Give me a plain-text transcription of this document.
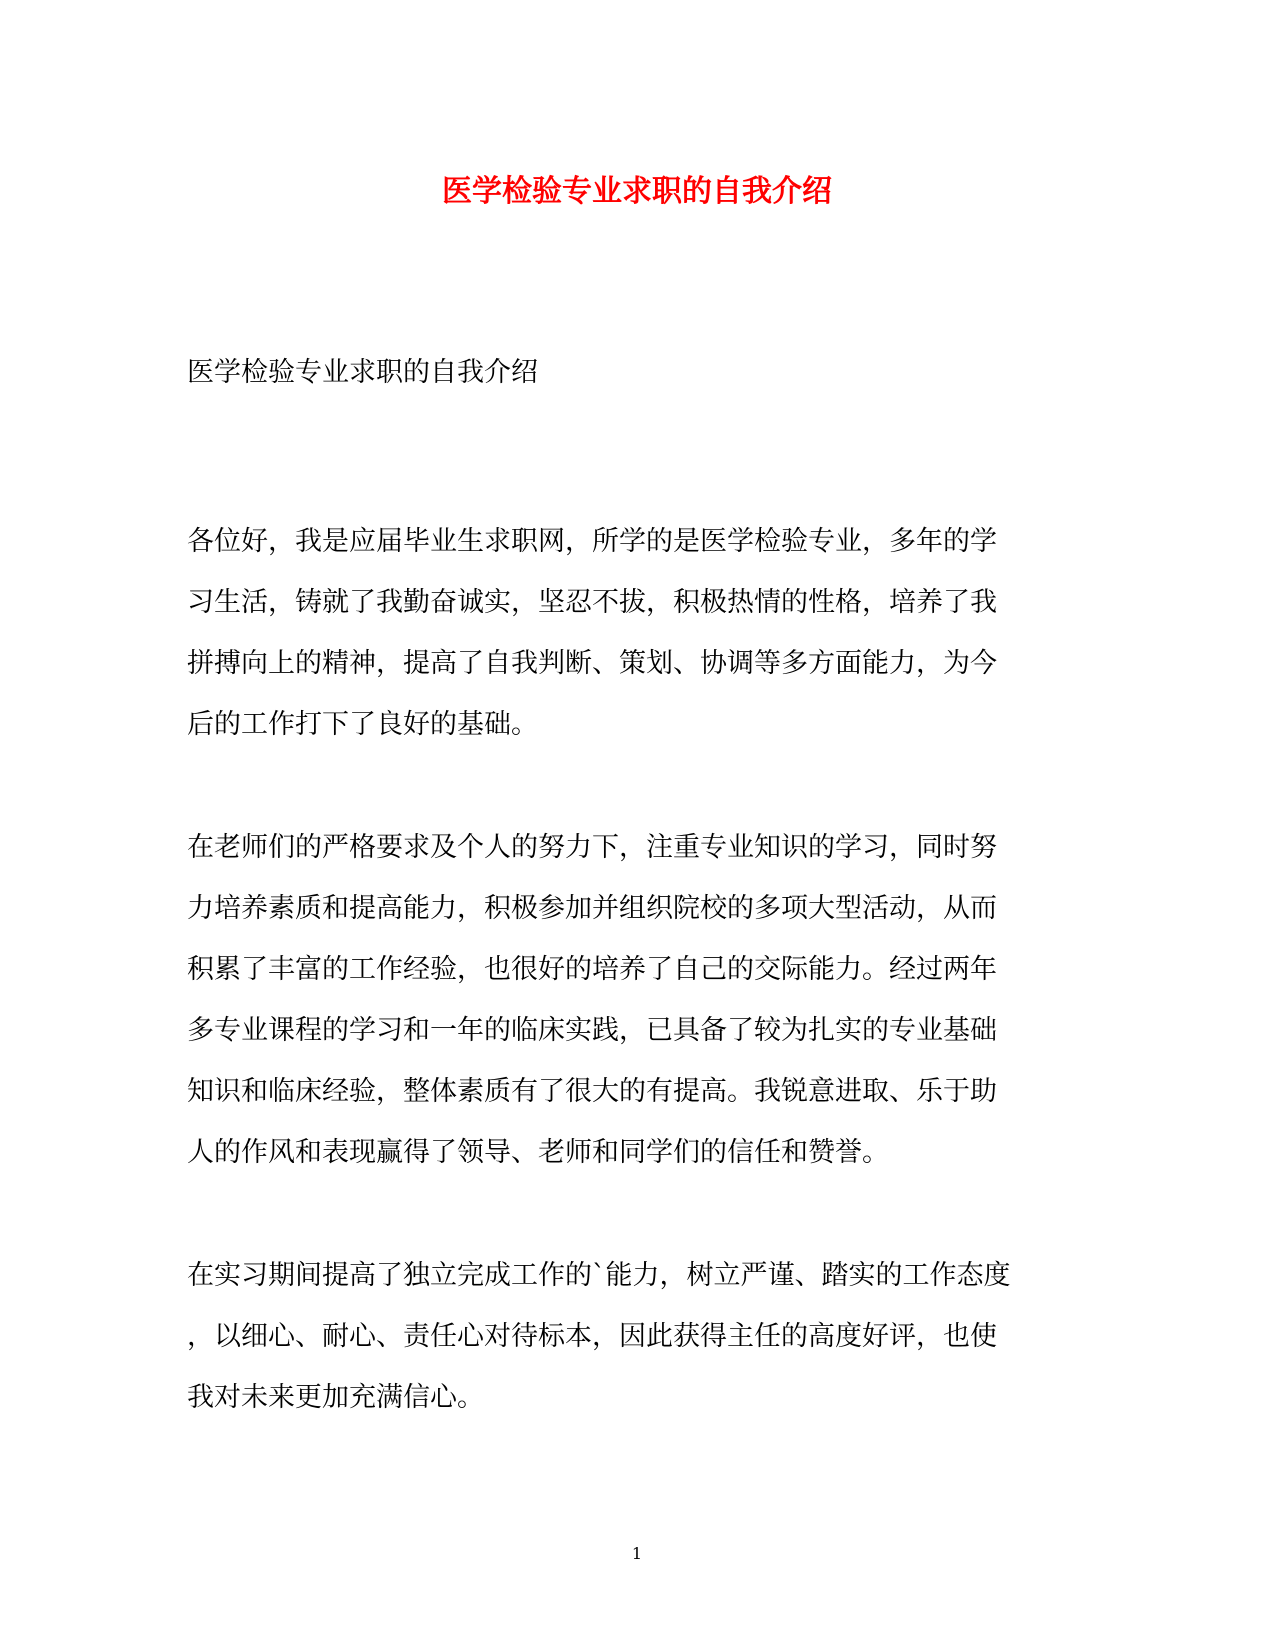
医学检验专业求职的自我介绍
医学检验专业求职的自我介绍
各位好，我是应届毕业生求职网，所学的是医学检验专业，多年的学
习生活，铸就了我勤奋诚实，坚忍不拔，积极热情的性格，培养了我
拼搏向上的精神，提高了自我判断、策划、协调等多方面能力，为今
后的工作打下了良好的基础。
在老师们的严格要求及个人的努力下，注重专业知识的学习，同时努
力培养素质和提高能力，积极参加并组织院校的多项大型活动，从而
积累了丰富的工作经验，也很好的培养了自己的交际能力。经过两年
多专业课程的学习和一年的临床实践，已具备了较为扎实的专业基础
知识和临床经验，整体素质有了很大的有提高。我锐意进取、乐于助
人的作风和表现赢得了领导、老师和同学们的信任和赞誉。
在实习期间提高了独立完成工作的`能力，树立严谨、踏实的工作态度
，以细心、耐心、责任心对待标本，因此获得主任的高度好评，也使
我对未来更加充满信心。
1
